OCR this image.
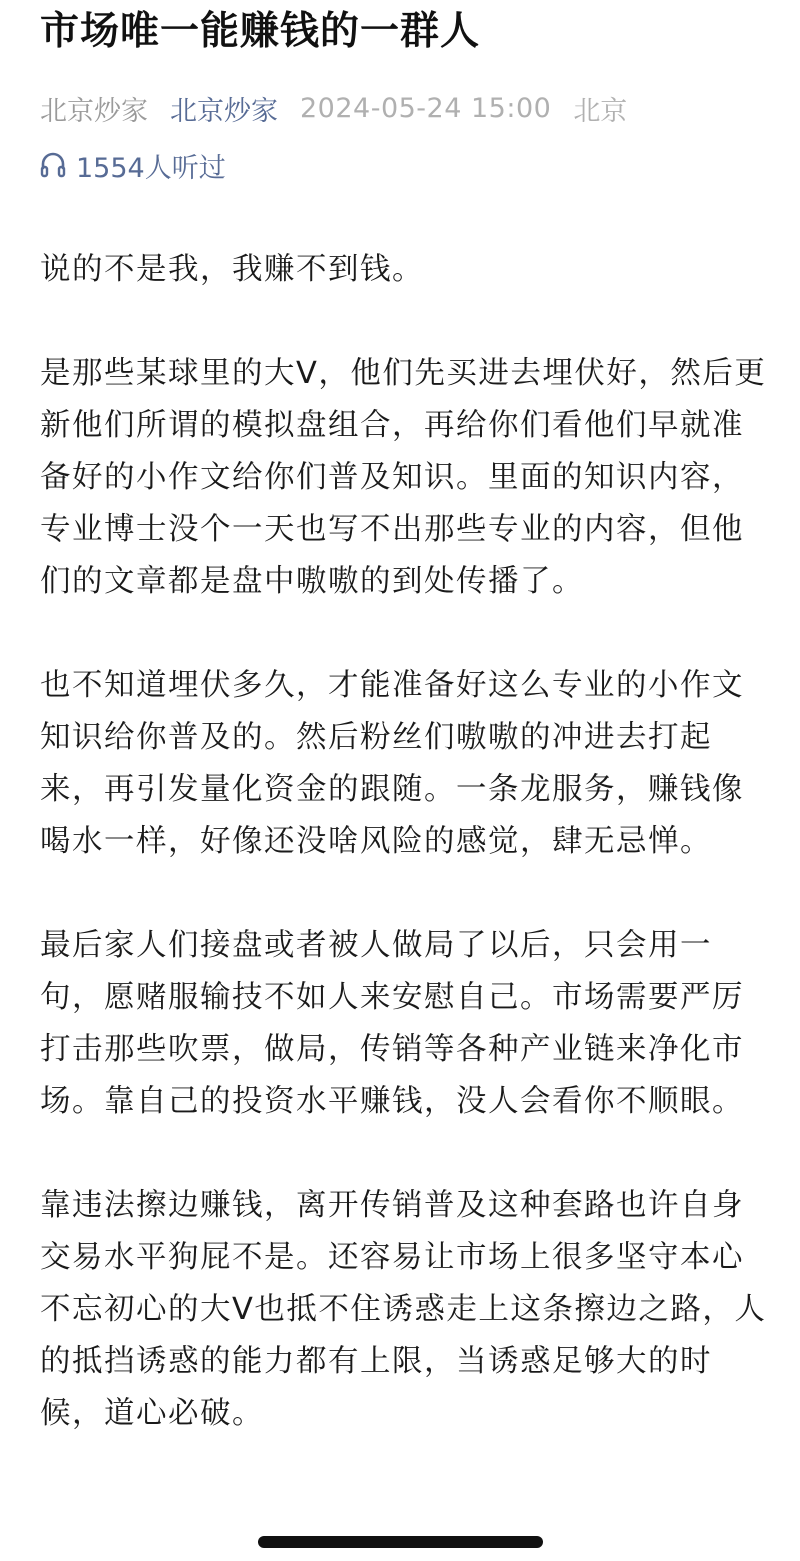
市场唯一能赚钱的一群人
北京炒家 北京炒家 2024-05-24 15:00 北京
1554人听过

说的不是我，我赚不到钱。

是那些某球里的大V，他们先买进去埋伏好，然后更新他们所谓的模拟盘组合，再给你们看他们早就准备好的小作文给你们普及知识。里面的知识内容，专业博士没个一天也写不出那些专业的内容，但他们的文章都是盘中嗷嗷的到处传播了。

也不知道埋伏多久，才能准备好这么专业的小作文知识给你普及的。然后粉丝们嗷嗷的冲进去打起来，再引发量化资金的跟随。一条龙服务，赚钱像喝水一样，好像还没啥风险的感觉，肆无忌惮。

最后家人们接盘或者被人做局了以后，只会用一句，愿赌服输技不如人来安慰自己。市场需要严厉打击那些吹票，做局，传销等各种产业链来净化市场。靠自己的投资水平赚钱，没人会看你不顺眼。

靠违法擦边赚钱，离开传销普及这种套路也许自身交易水平狗屁不是。还容易让市场上很多坚守本心不忘初心的大V也抵不住诱惑走上这条擦边之路，人的抵挡诱惑的能力都有上限，当诱惑足够大的时候，道心必破。
